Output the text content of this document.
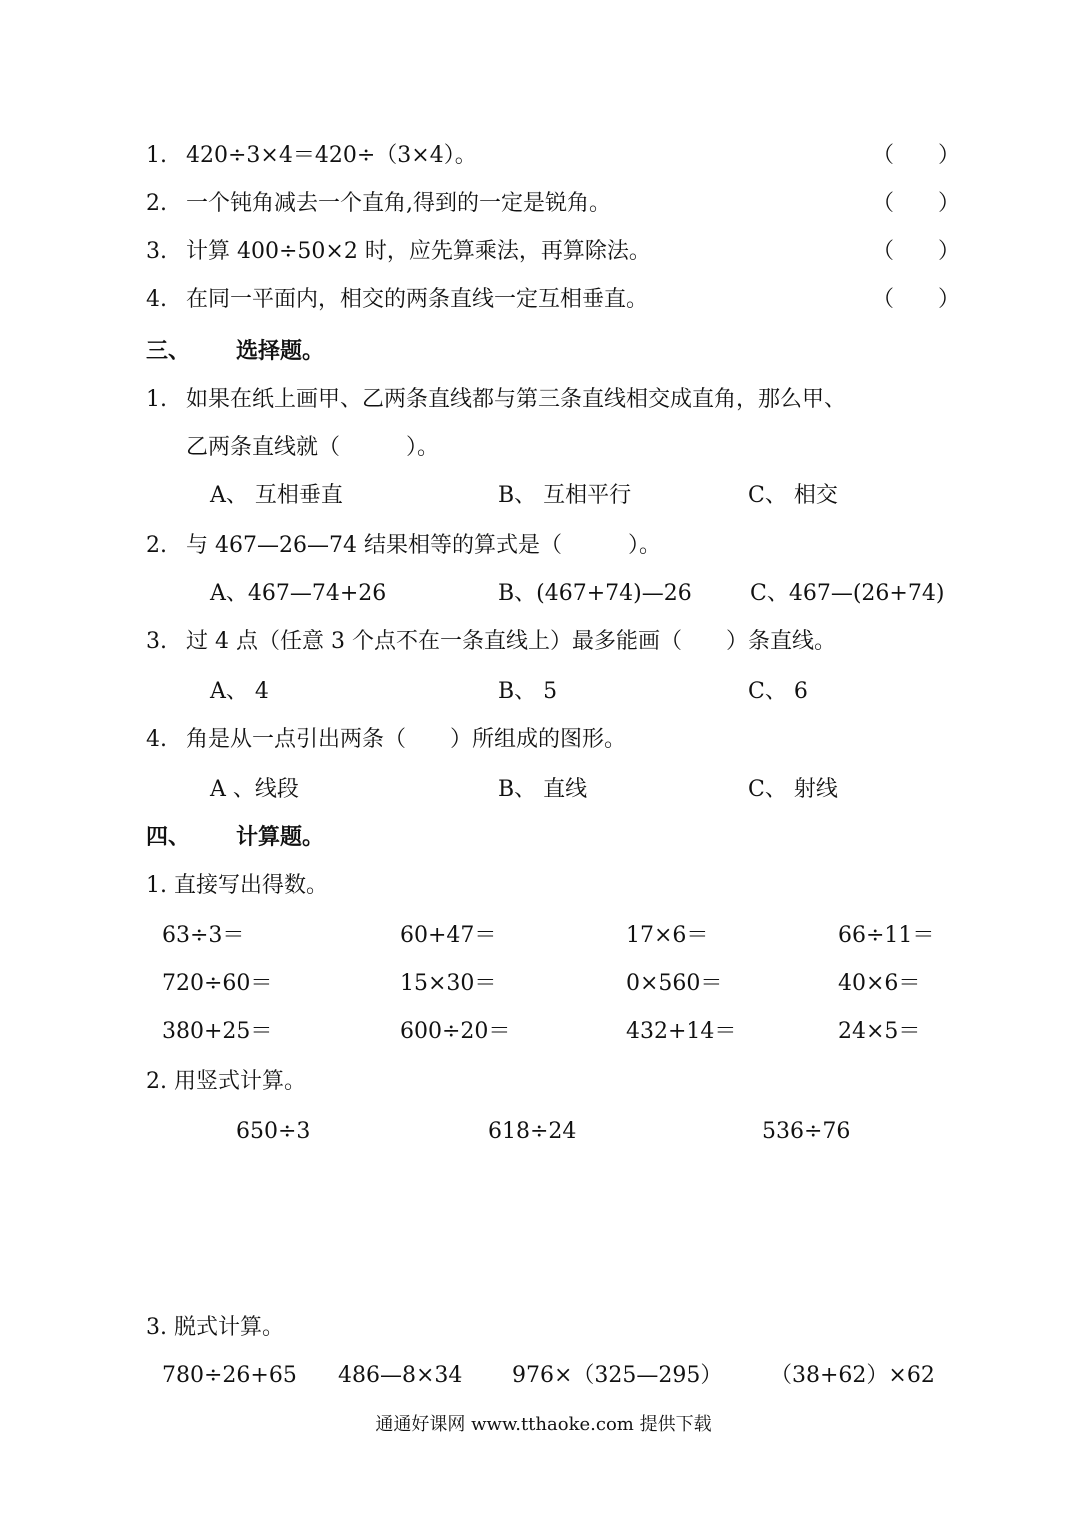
1. 420÷3×4＝420÷（3×4）。	（　　）
2. 一个钝角减去一个直角,得到的一定是锐角。	（　　）
3. 计算 400÷50×2 时，应先算乘法，再算除法。	（　　）
4. 在同一平面内，相交的两条直线一定互相垂直。	（　　）
三、 选择题。
1. 如果在纸上画甲、乙两条直线都与第三条直线相交成直角，那么甲、
乙两条直线就（　　　）。
A、 互相垂直	B、 互相平行	C、 相交
2. 与 467—26—74 结果相等的算式是（　　　）。
A、467—74+26	B、(467+74)—26	C、467—(26+74)
3. 过 4 点（任意 3 个点不在一条直线上）最多能画（　　）条直线。
A、 4	B、 5	C、 6
4. 角是从一点引出两条（　　）所组成的图形。
A 、线段	B、 直线	C、 射线
四、 计算题。
1. 直接写出得数。
63÷3＝	60+47＝	17×6＝	66÷11＝
720÷60＝	15×30＝	0×560＝	40×6＝
380+25＝	600÷20＝	432+14＝	24×5＝
2. 用竖式计算。
650÷3	618÷24	536÷76
3. 脱式计算。
780÷26+65 486—8×34 976×（325—295） （38+62）×62
通通好课网 www.tthaoke.com 提供下载
